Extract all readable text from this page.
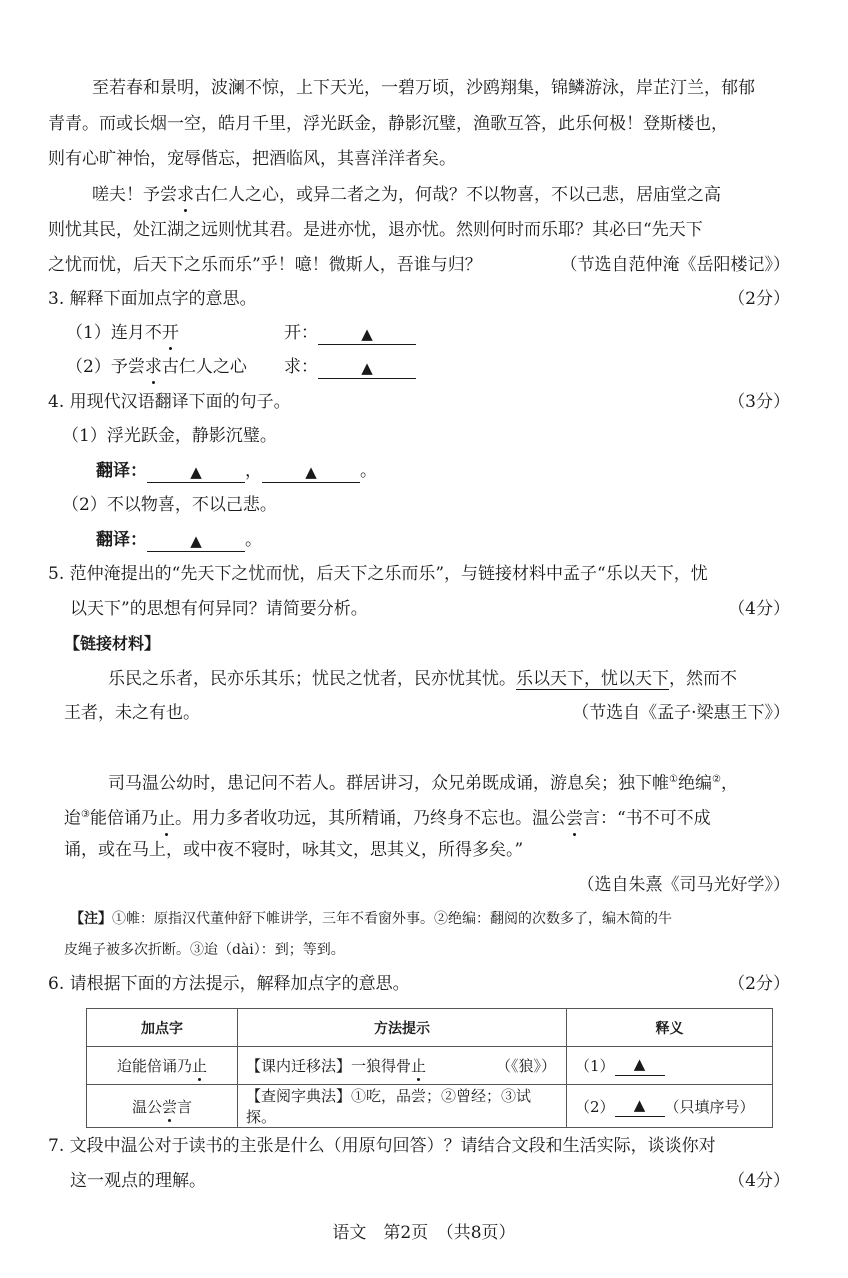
至若春和景明，波澜不惊，上下天光，一碧万顷，沙鸥翔集，锦鳞游泳，岸芷汀兰，郁郁
青青。而或长烟一空，皓月千里，浮光跃金，静影沉璧，渔歌互答，此乐何极！登斯楼也，
则有心旷神怡，宠辱偕忘，把酒临风，其喜洋洋者矣。
嗟夫！予尝求古仁人之心，或异二者之为，何哉？不以物喜，不以己悲，居庙堂之高
则忧其民，处江湖之远则忧其君。是进亦忧，退亦忧。然则何时而乐耶？其必曰“先天下
之忧而忧，后天下之乐而乐”乎！噫！微斯人，吾谁与归？	（节选自范仲淹《岳阳楼记》）
3. 解释下面加点字的意思。	（2分）
（1）连月不开	开：	▲
（2）予尝求古仁人之心 求：	▲
4. 用现代汉语翻译下面的句子。	（3分）
（1）浮光跃金，静影沉璧。
翻译：	▲	，	▲	。
（2）不以物喜，不以己悲。
翻译：	▲	。
5. 范仲淹提出的“先天下之忧而忧，后天下之乐而乐”，与链接材料中孟子“乐以天下，忧
以天下”的思想有何异同？请简要分析。	（4分）
【链接材料】
乐民之乐者，民亦乐其乐；忧民之忧者，民亦忧其忧。乐以天下，忧以天下，然而不
王者，未之有也。	（节选自《孟子·梁惠王下》）
司马温公幼时，患记问不若人。群居讲习，众兄弟既成诵，游息矣；独下帷①绝编②，
迨③能倍诵乃止。用力多者收功远，其所精诵，乃终身不忘也。温公尝言：“书不可不成
诵，或在马上，或中夜不寝时，咏其文，思其义，所得多矣。”
（选自朱熹《司马光好学》）
【注】①帷：原指汉代董仲舒下帷讲学，三年不看窗外事。②绝编：翻阅的次数多了，编木简的牛
皮绳子被多次折断。③迨（dài）：到；等到。
6. 请根据下面的方法提示，解释加点字的意思。	（2分）
加点字	方法提示	释义
迨能倍诵乃止	【课内迁移法】一狼得骨止 （《狼》）	（1） ▲
温公尝言	【查阅字典法】①吃，品尝；②曾经；③试探。	（2） ▲ （只填序号）
7. 文段中温公对于读书的主张是什么（用原句回答）？请结合文段和生活实际，谈谈你对
这一观点的理解。	（4分）
语文　第2页　（共8页）
